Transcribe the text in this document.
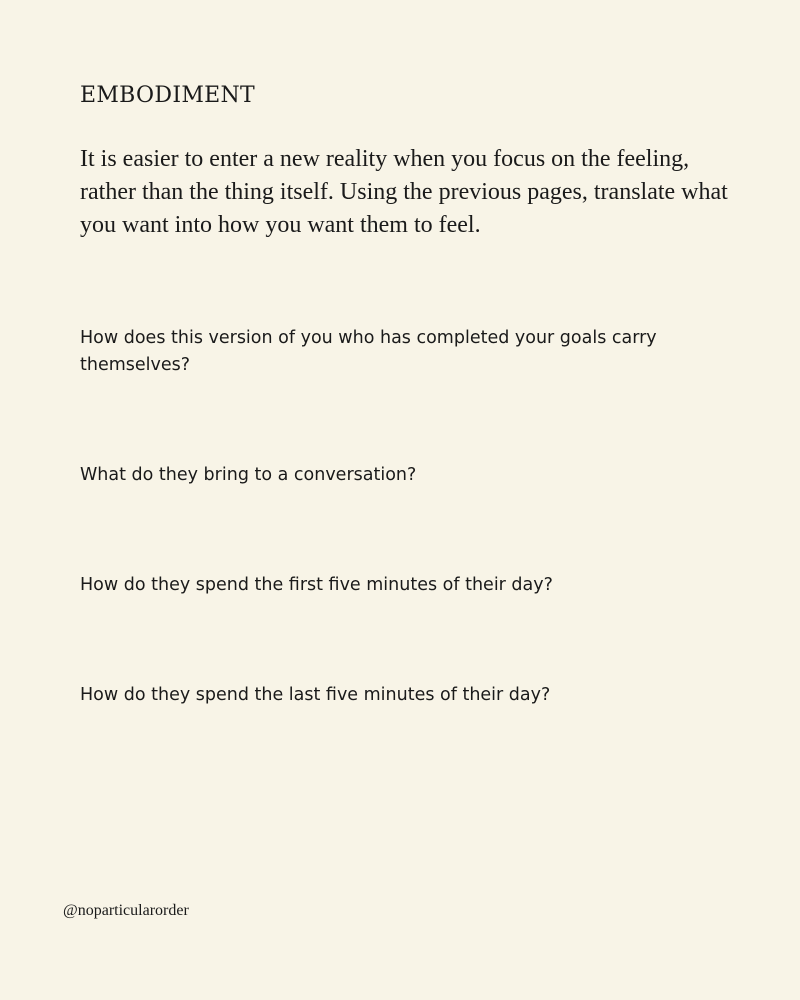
EMBODIMENT

It is easier to enter a new reality when you focus on the feeling, rather than the thing itself. Using the previous pages, translate what you want into how you want them to feel.

How does this version of you who has completed your goals carry themselves?

What do they bring to a conversation?

How do they spend the first five minutes of their day?

How do they spend the last five minutes of their day?

@noparticularorder
